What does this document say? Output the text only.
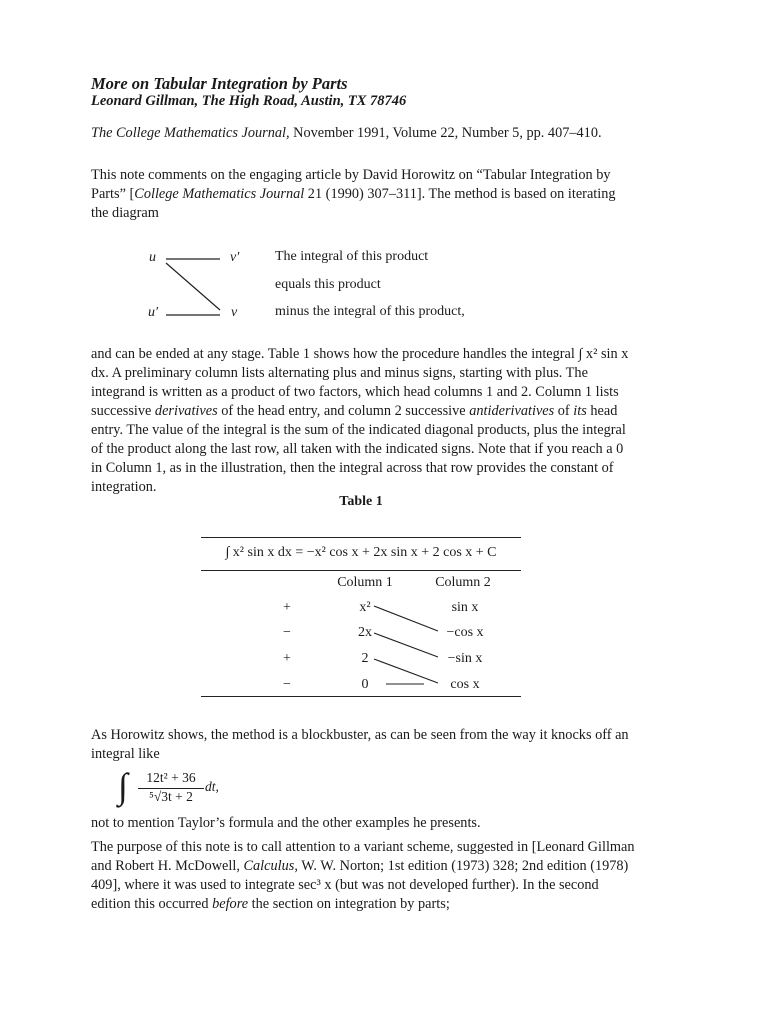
More on Tabular Integration by Parts
Leonard Gillman, The High Road, Austin, TX 78746
The College Mathematics Journal, November 1991, Volume 22, Number 5, pp. 407–410.
This note comments on the engaging article by David Horowitz on “Tabular Integration by Parts” [College Mathematics Journal 21 (1990) 307–311]. The method is based on iterating the diagram
u	v′
u′	v
The integral of this product
equals this product
minus the integral of this product,
and can be ended at any stage. Table 1 shows how the procedure handles the integral ∫ x² sin x dx. A preliminary column lists alternating plus and minus signs, starting with plus. The integrand is written as a product of two factors, which head columns 1 and 2. Column 1 lists successive derivatives of the head entry, and column 2 successive antiderivatives of its head entry. The value of the integral is the sum of the indicated diagonal products, plus the integral of the product along the last row, all taken with the indicated signs. Note that if you reach a 0 in Column 1, as in the illustration, then the integral across that row provides the constant of integration.
Table 1
∫ x² sin x dx = −x² cos x + 2x sin x + 2 cos x + C
Column 1	Column 2
+	x²	sin x
−	2x	−cos x
+	2	−sin x
−	0	cos x
As Horowitz shows, the method is a blockbuster, as can be seen from the way it knocks off an integral like
∫	12t² + 36
⁵√3t + 2
dt,
not to mention Taylor’s formula and the other examples he presents.
The purpose of this note is to call attention to a variant scheme, suggested in [Leonard Gillman and Robert H. McDowell, Calculus, W. W. Norton; 1st edition (1973) 328; 2nd edition (1978) 409], where it was used to integrate sec³ x (but was not developed further). In the second edition this occurred before the section on integration by parts;
